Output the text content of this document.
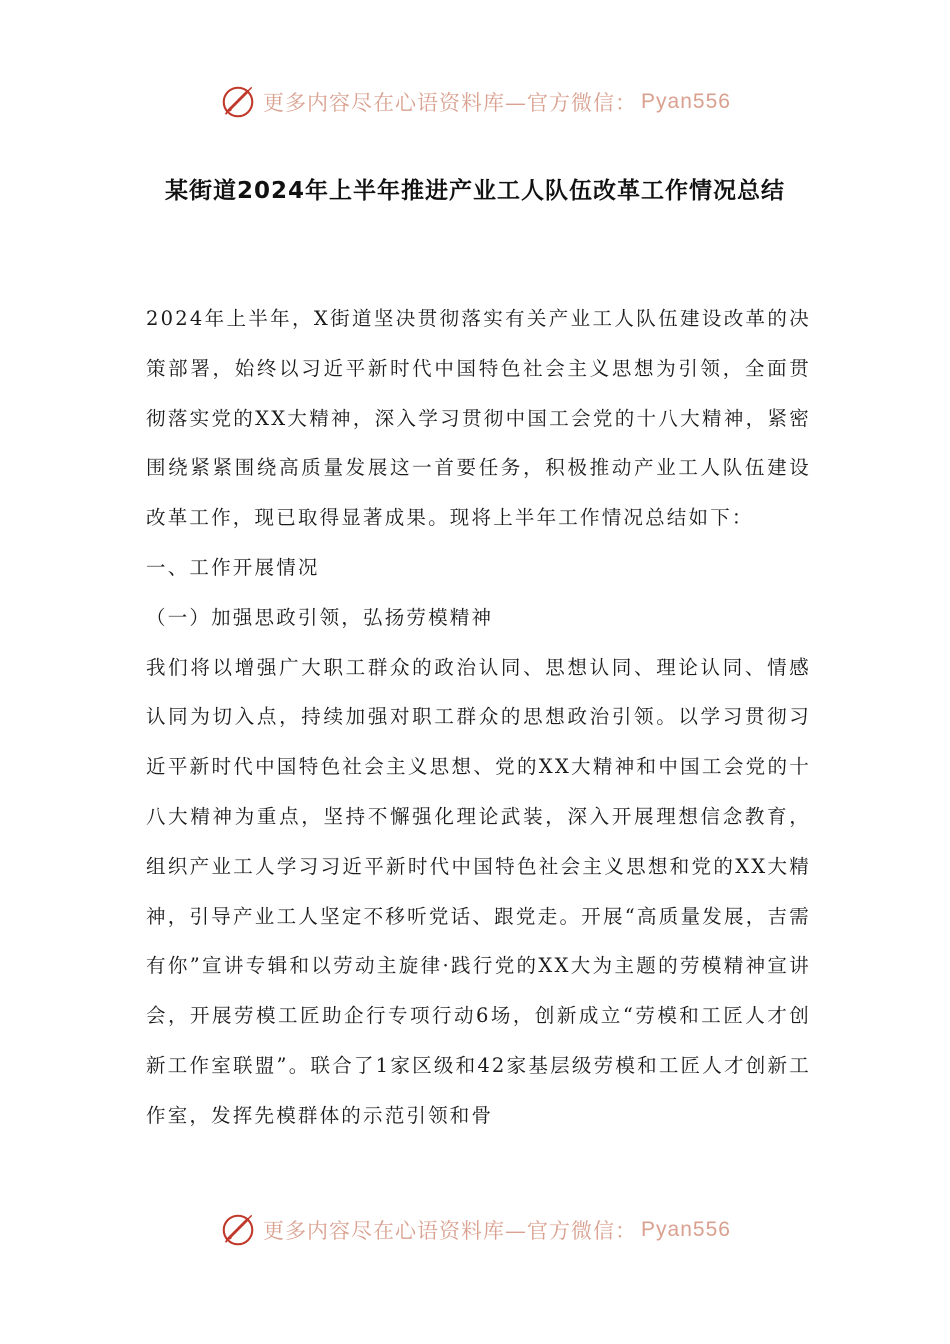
更多内容尽在心语资料库—官方微信： Pyan556
某街道2024年上半年推进产业工人队伍改革工作情况总结

2024年上半年，X街道坚决贯彻落实有关产业工人队伍建设改革的决策部署，始终以习近平新时代中国特色社会主义思想为引领，全面贯彻落实党的XX大精神，深入学习贯彻中国工会党的十八大精神，紧密围绕紧紧围绕高质量发展这一首要任务，积极推动产业工人队伍建设改革工作，现已取得显著成果。现将上半年工作情况总结如下：

一、工作开展情况

（一）加强思政引领，弘扬劳模精神

我们将以增强广大职工群众的政治认同、思想认同、理论认同、情感认同为切入点，持续加强对职工群众的思想政治引领。以学习贯彻习近平新时代中国特色社会主义思想、党的XX大精神和中国工会党的十八大精神为重点，坚持不懈强化理论武装，深入开展理想信念教育，组织产业工人学习习近平新时代中国特色社会主义思想和党的XX大精神，引导产业工人坚定不移听党话、跟党走。开展“高质量发展，吉需有你”宣讲专辑和以劳动主旋律·践行党的XX大为主题的劳模精神宣讲会，开展劳模工匠助企行专项行动6场，创新成立“劳模和工匠人才创新工作室联盟”。联合了1家区级和42家基层级劳模和工匠人才创新工作室，发挥先模群体的示范引领和骨

更多内容尽在心语资料库—官方微信： Pyan556
